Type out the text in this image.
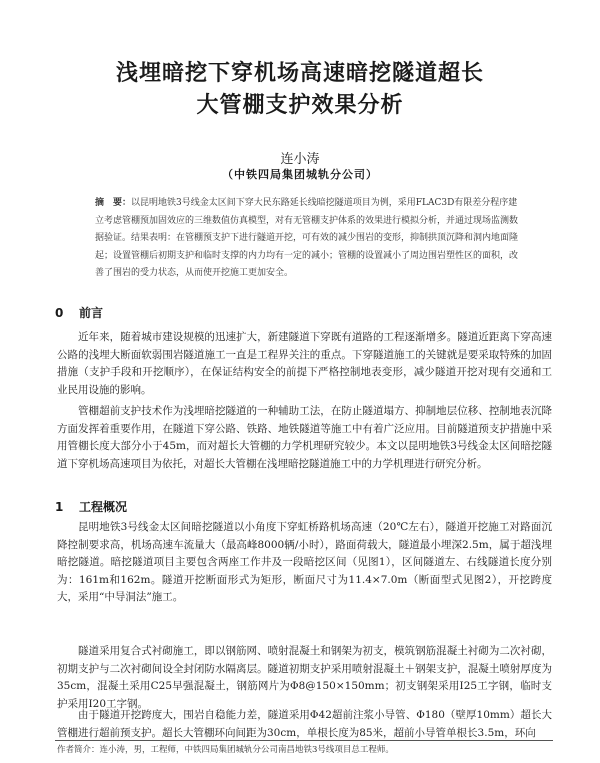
浅埋暗挖下穿机场高速暗挖隧道超长
大管棚支护效果分析
连小涛
（中铁四局集团城轨分公司）
摘　要：以昆明地铁3号线金太区间下穿大民东路延长线暗挖隧道项目为例，采用FLAC3D有限差分程序建立考虑管棚预加固效应的三维数值仿真模型，对有无管棚支护体系的效果进行模拟分析，并通过现场监测数据验证。结果表明：在管棚预支护下进行隧道开挖，可有效的减少围岩的变形，抑制拱顶沉降和洞内地面隆起；设置管棚后初期支护和临时支撑的内力均有一定的减小；管棚的设置减小了周边围岩塑性区的面积，改善了围岩的受力状态，从而使开挖施工更加安全。
0 前言
近年来，随着城市建设规模的迅速扩大，新建隧道下穿既有道路的工程逐渐增多。隧道近距离下穿高速公路的浅埋大断面软弱围岩隧道施工一直是工程界关注的重点。下穿隧道施工的关键就是要采取特殊的加固措施（支护手段和开挖顺序），在保证结构安全的前提下严格控制地表变形，减少隧道开挖对现有交通和工业民用设施的影响。
管棚超前支护技术作为浅埋暗挖隧道的一种辅助工法，在防止隧道塌方、抑制地层位移、控制地表沉降方面发挥着重要作用，在隧道下穿公路、铁路、地铁隧道等施工中有着广泛应用。目前隧道预支护措施中采用管棚长度大部分小于45m，而对超长大管棚的力学机理研究较少。本文以昆明地铁3号线金太区间暗挖隧道下穿机场高速项目为依托，对超长大管棚在浅埋暗挖隧道施工中的力学机理进行研究分析。
1 工程概况
昆明地铁3号线金太区间暗挖隧道以小角度下穿虹桥路机场高速（20℃左右），隧道开挖施工对路面沉降控制要求高，机场高速车流量大（最高峰8000辆/小时），路面荷载大，隧道最小埋深2.5m，属于超浅埋暗挖隧道。暗挖隧道项目主要包含两座工作井及一段暗挖区间（见图1），区间隧道左、右线隧道长度分别为：161m和162m。隧道开挖断面形式为矩形，断面尺寸为11.4×7.0m（断面型式见图2），开挖跨度大，采用“中导洞法”施工。
隧道采用复合式衬砌施工，即以钢筋网、喷射混凝土和钢架为初支，模筑钢筋混凝土衬砌为二次衬砌，初期支护与二次衬砌间设全封闭防水隔离层。隧道初期支护采用喷射混凝土＋钢架支护，混凝土喷射厚度为35cm，混凝土采用C25早强混凝土，钢筋网片为Φ8@150×150mm；初支钢架采用I25工字钢，临时支护采用I20工字钢。
由于隧道开挖跨度大，围岩自稳能力差，隧道采用Φ42超前注浆小导管、Φ180（壁厚10mm）超长大管棚进行超前预支护。超长大管棚环向间距为30cm，单根长度为85米，超前小导管单根长3.5m，环向
作者简介：连小涛，男，工程师，中铁四局集团城轨分公司南昌地铁3号线项目总工程师。
